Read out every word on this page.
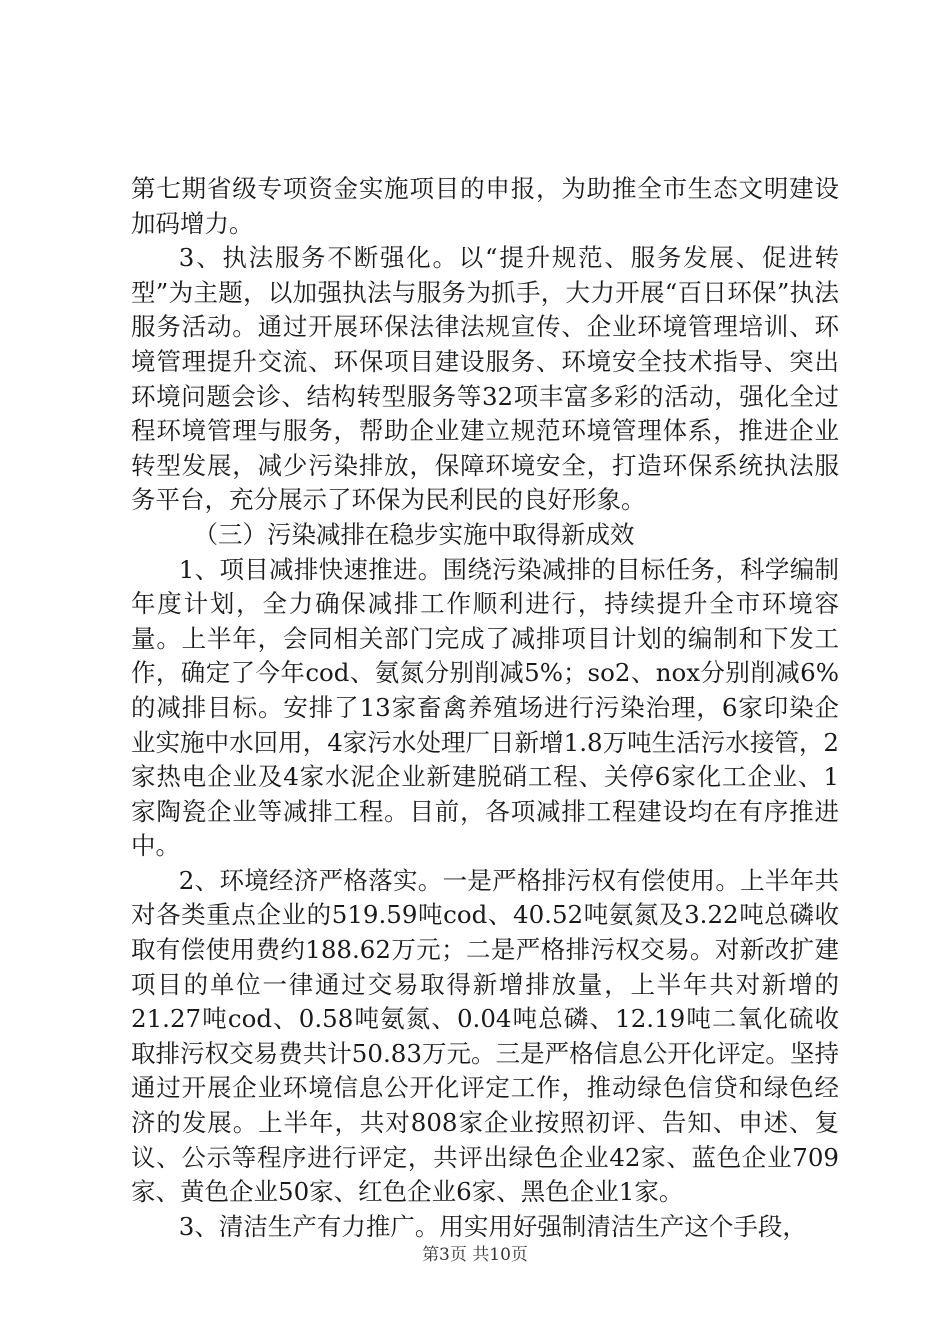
第七期省级专项资金实施项目的申报，为助推全市生态文明建设加码增力。

3、执法服务不断强化。以“提升规范、服务发展、促进转型”为主题，以加强执法与服务为抓手，大力开展“百日环保”执法服务活动。通过开展环保法律法规宣传、企业环境管理培训、环境管理提升交流、环保项目建设服务、环境安全技术指导、突出环境问题会诊、结构转型服务等32项丰富多彩的活动，强化全过程环境管理与服务，帮助企业建立规范环境管理体系，推进企业转型发展，减少污染排放，保障环境安全，打造环保系统执法服务平台，充分展示了环保为民利民的良好形象。

（三）污染减排在稳步实施中取得新成效

1、项目减排快速推进。围绕污染减排的目标任务，科学编制年度计划，全力确保减排工作顺利进行，持续提升全市环境容量。上半年，会同相关部门完成了减排项目计划的编制和下发工作，确定了今年cod、氨氮分别削减5%；so2、nox分别削减6%的减排目标。安排了13家畜禽养殖场进行污染治理，6家印染企业实施中水回用，4家污水处理厂日新增1.8万吨生活污水接管，2家热电企业及4家水泥企业新建脱硝工程、关停6家化工企业、1家陶瓷企业等减排工程。目前，各项减排工程建设均在有序推进中。

2、环境经济严格落实。一是严格排污权有偿使用。上半年共对各类重点企业的519.59吨cod、40.52吨氨氮及3.22吨总磷收取有偿使用费约188.62万元；二是严格排污权交易。对新改扩建项目的单位一律通过交易取得新增排放量，上半年共对新增的21.27吨cod、0.58吨氨氮、0.04吨总磷、12.19吨二氧化硫收取排污权交易费共计50.83万元。三是严格信息公开化评定。坚持通过开展企业环境信息公开化评定工作，推动绿色信贷和绿色经济的发展。上半年，共对808家企业按照初评、告知、申述、复议、公示等程序进行评定，共评出绿色企业42家、蓝色企业709家、黄色企业50家、红色企业6家、黑色企业1家。

3、清洁生产有力推广。用实用好强制清洁生产这个手段，

第3页 共10页
